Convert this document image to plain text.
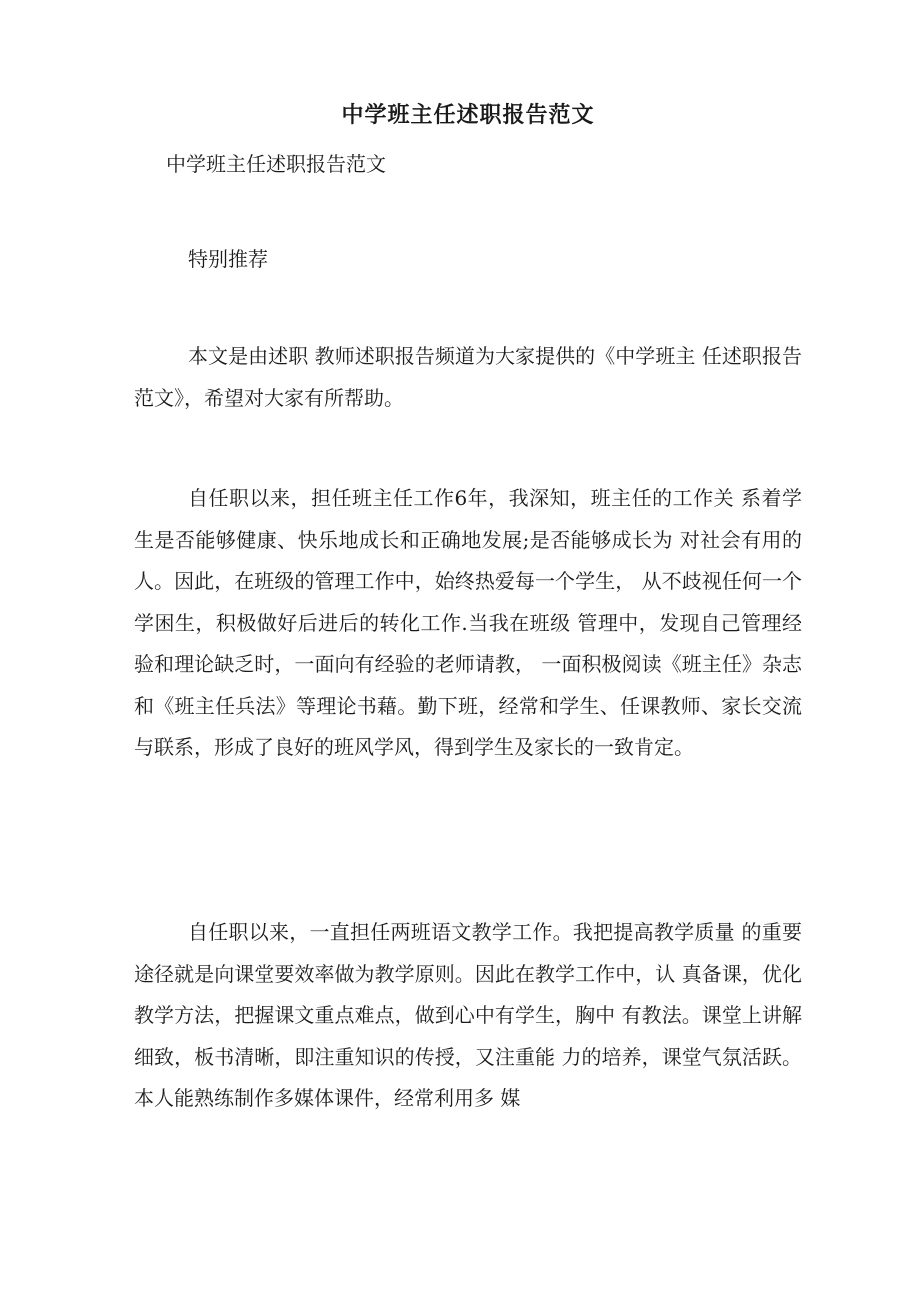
中学班主任述职报告范文
中学班主任述职报告范文
特别推荐

本文是由述职 教师述职报告频道为大家提供的《中学班主 任述职报告范文》，希望对大家有所帮助。

自任职以来，担任班主任工作6年，我深知，班主任的工作关 系着学生是否能够健康、快乐地成长和正确地发展;是否能够成长为 对社会有用的人。因此，在班级的管理工作中，始终热爱每一个学生， 从不歧视任何一个学困生，积极做好后进后的转化工作.当我在班级 管理中，发现自己管理经验和理论缺乏时，一面向有经验的老师请教， 一面积极阅读《班主任》杂志和《班主任兵法》等理论书藉。勤下班，经常和学生、任课教师、家长交流与联系，形成了良好的班风学风，得到学生及家长的一致肯定。

自任职以来，一直担任两班语文教学工作。我把提高教学质量 的重要途径就是向课堂要效率做为教学原则。因此在教学工作中，认 真备课，优化教学方法，把握课文重点难点，做到心中有学生，胸中 有教法。课堂上讲解细致，板书清晰，即注重知识的传授，又注重能 力的培养，课堂气氛活跃。本人能熟练制作多媒体课件，经常利用多 媒
